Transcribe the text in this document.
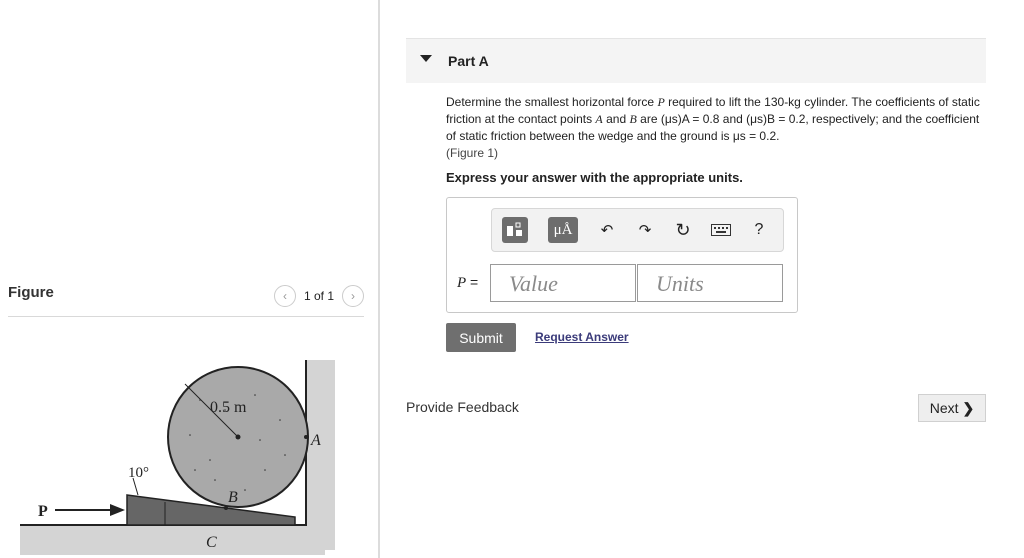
Figure	‹ 1 of 1 ›
0.5 m
A
B
C
P
10°
Part A
Determine the smallest horizontal force P required to lift the 130-kg cylinder. The coefficients of static friction at the contact points A and B are (μs)A = 0.8 and (μs)B = 0.2, respectively; and the coefficient of static friction between the wedge and the ground is μs = 0.2.
(Figure 1)
Express your answer with the appropriate units.
μÅ	↶	↷	↻	?
P =	Value	Units
Submit	Request Answer
Provide Feedback	Next ❯
